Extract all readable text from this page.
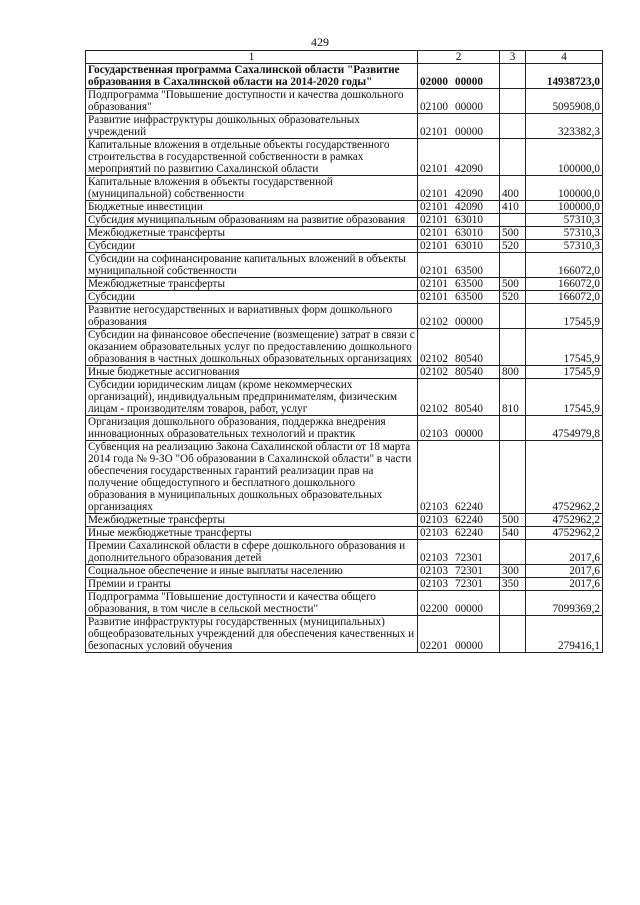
429
1	2	3	4
Государственная программа Сахалинской области "Развитие образования в Сахалинской области на 2014-2020 годы"	02000 00000		14938723,0
Подпрограмма "Повышение доступности и качества дошкольного образования"	02100 00000		5095908,0
Развитие инфраструктуры дошкольных образовательных учреждений	02101 00000		323382,3
Капитальные вложения в отдельные объекты государственного строительства в государственной собственности в рамках мероприятий по развитию Сахалинской области	02101 42090		100000,0
Капитальные вложения в объекты государственной (муниципальной) собственности	02101 42090	400	100000,0
Бюджетные инвестиции	02101 42090	410	100000,0
Субсидия муниципальным образованиям на развитие образования	02101 63010		57310,3
Межбюджетные трансферты	02101 63010	500	57310,3
Субсидии	02101 63010	520	57310,3
Субсидии на софинансирование капитальных вложений в объекты муниципальной собственности	02101 63500		166072,0
Межбюджетные трансферты	02101 63500	500	166072,0
Субсидии	02101 63500	520	166072,0
Развитие негосударственных и вариативных форм дошкольного образования	02102 00000		17545,9
Субсидии на финансовое обеспечение (возмещение) затрат в связи с оказанием образовательных услуг по предоставлению дошкольного образования в частных дошкольных образовательных организациях	02102 80540		17545,9
Иные бюджетные ассигнования	02102 80540	800	17545,9
Субсидии юридическим лицам (кроме некоммерческих организаций), индивидуальным предпринимателям, физическим лицам - производителям товаров, работ, услуг	02102 80540	810	17545,9
Организация дошкольного образования, поддержка внедрения инновационных образовательных технологий и практик	02103 00000		4754979,8
Субвенция на реализацию Закона Сахалинской области от 18 марта 2014 года № 9-ЗО "Об образовании в Сахалинской области" в части обеспечения государственных гарантий реализации прав на получение общедоступного и бесплатного дошкольного образования в муниципальных дошкольных образовательных организациях	02103 62240		4752962,2
Межбюджетные трансферты	02103 62240	500	4752962,2
Иные межбюджетные трансферты	02103 62240	540	4752962,2
Премии Сахалинской области в сфере дошкольного образования и дополнительного образования детей	02103 72301		2017,6
Социальное обеспечение и иные выплаты населению	02103 72301	300	2017,6
Премии и гранты	02103 72301	350	2017,6
Подпрограмма "Повышение доступности и качества общего образования, в том числе в сельской местности"	02200 00000		7099369,2
Развитие инфраструктуры государственных (муниципальных) общеобразовательных учреждений для обеспечения качественных и безопасных условий обучения	02201 00000		279416,1
